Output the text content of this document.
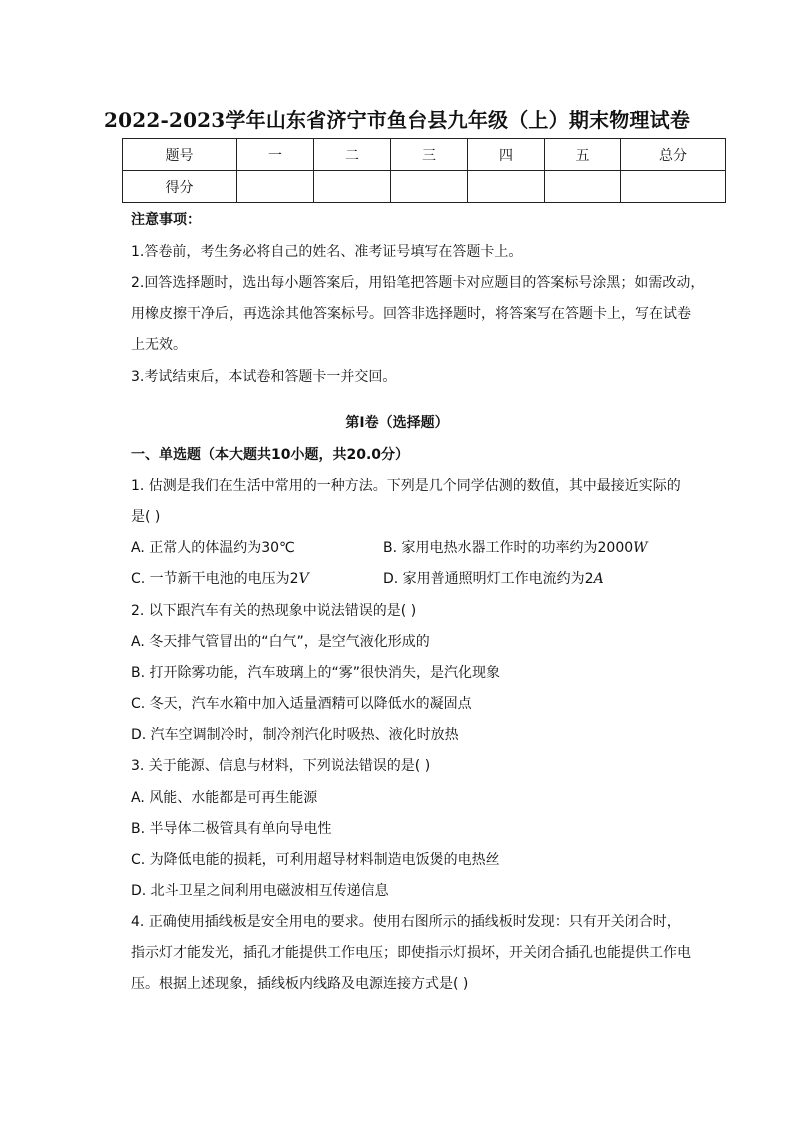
2022-2023学年山东省济宁市鱼台县九年级（上）期末物理试卷
题号	一	二	三	四	五	总分
得分						
注意事项：
1.答卷前，考生务必将自己的姓名、准考证号填写在答题卡上。
2.回答选择题时，选出每小题答案后，用铅笔把答题卡对应题目的答案标号涂黑；如需改动，
用橡皮擦干净后，再选涂其他答案标号。回答非选择题时，将答案写在答题卡上，写在试卷
上无效。
3.考试结束后，本试卷和答题卡一并交回。
第Ⅰ卷（选择题）
一、单选题（本大题共10小题，共20.0分）
1. 估测是我们在生活中常用的一种方法。下列是几个同学估测的数值，其中最接近实际的
是( )
A. 正常人的体温约为30℃	B. 家用电热水器工作时的功率约为2000W
C. 一节新干电池的电压为2V	D. 家用普通照明灯工作电流约为2A
2. 以下跟汽车有关的热现象中说法错误的是( )
A. 冬天排气管冒出的“白气”，是空气液化形成的
B. 打开除雾功能，汽车玻璃上的“雾”很快消失，是汽化现象
C. 冬天，汽车水箱中加入适量酒精可以降低水的凝固点
D. 汽车空调制冷时，制冷剂汽化时吸热、液化时放热
3. 关于能源、信息与材料，下列说法错误的是( )
A. 风能、水能都是可再生能源
B. 半导体二极管具有单向导电性
C. 为降低电能的损耗，可利用超导材料制造电饭煲的电热丝
D. 北斗卫星之间利用电磁波相互传递信息
4. 正确使用插线板是安全用电的要求。使用右图所示的插线板时发现：只有开关闭合时，
指示灯才能发光，插孔才能提供工作电压；即使指示灯损坏，开关闭合插孔也能提供工作电
压。根据上述现象，插线板内线路及电源连接方式是( )
